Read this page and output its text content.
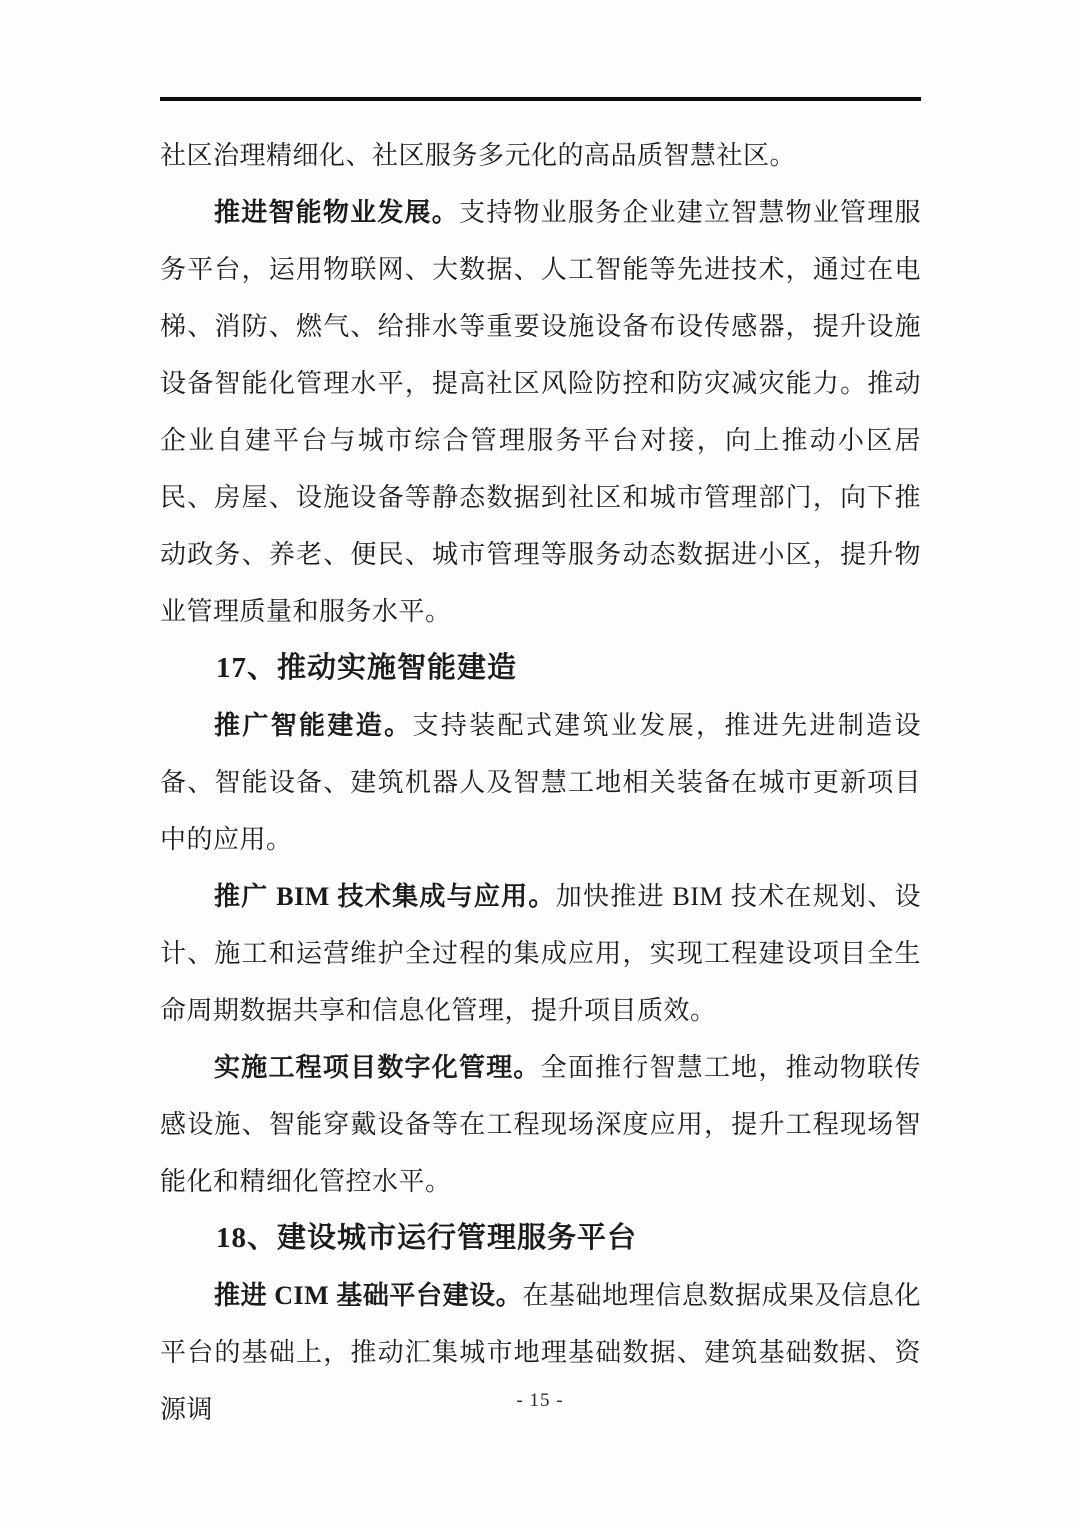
社区治理精细化、社区服务多元化的高品质智慧社区。

推进智能物业发展。支持物业服务企业建立智慧物业管理服务平台，运用物联网、大数据、人工智能等先进技术，通过在电梯、消防、燃气、给排水等重要设施设备布设传感器，提升设施设备智能化管理水平，提高社区风险防控和防灾减灾能力。推动企业自建平台与城市综合管理服务平台对接，向上推动小区居民、房屋、设施设备等静态数据到社区和城市管理部门，向下推动政务、养老、便民、城市管理等服务动态数据进小区，提升物业管理质量和服务水平。

17、推动实施智能建造

推广智能建造。支持装配式建筑业发展，推进先进制造设备、智能设备、建筑机器人及智慧工地相关装备在城市更新项目中的应用。

推广 BIM 技术集成与应用。加快推进 BIM 技术在规划、设计、施工和运营维护全过程的集成应用，实现工程建设项目全生命周期数据共享和信息化管理，提升项目质效。

实施工程项目数字化管理。全面推行智慧工地，推动物联传感设施、智能穿戴设备等在工程现场深度应用，提升工程现场智能化和精细化管控水平。

18、建设城市运行管理服务平台

推进 CIM 基础平台建设。在基础地理信息数据成果及信息化平台的基础上，推动汇集城市地理基础数据、建筑基础数据、资源调	- 15 -
